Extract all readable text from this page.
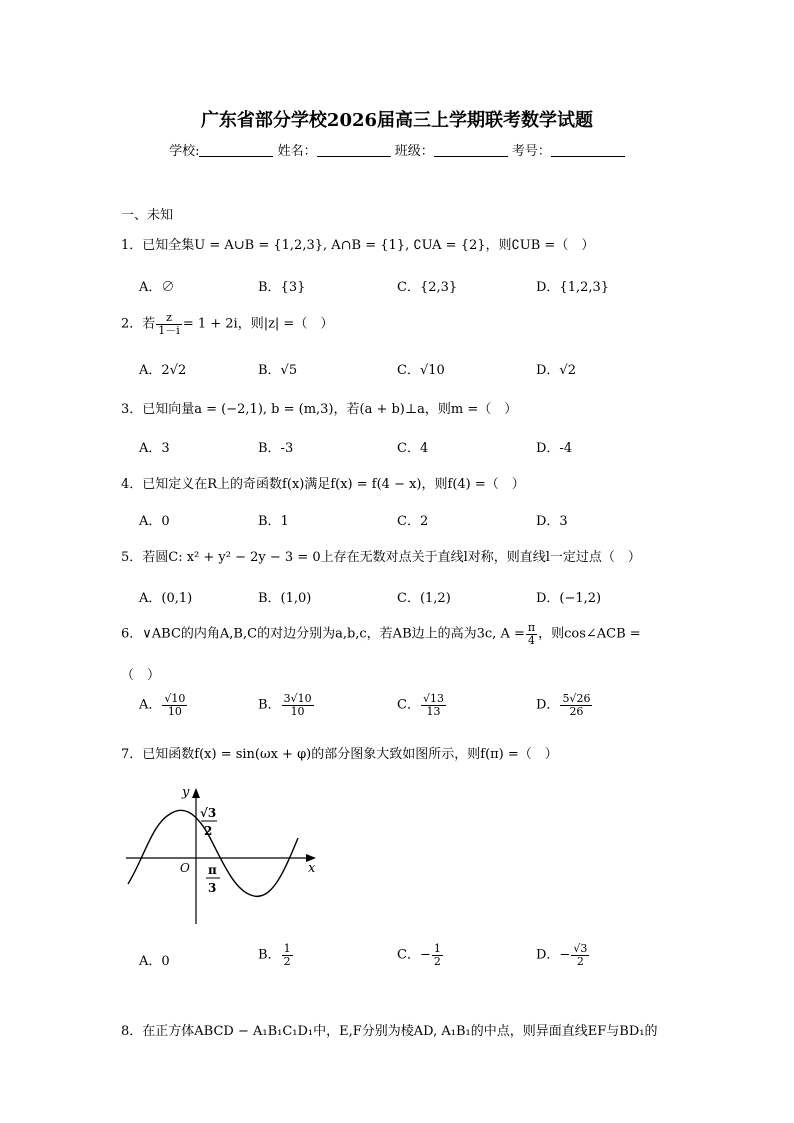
广东省部分学校2026届高三上学期联考数学试题
学校:	姓名：	班级：	考号：
一、未知
1．已知全集U = A∪B = {1,2,3}, A∩B = {1}, ∁UA = {2}，则∁UB =（　）
A．∅	B．{3}	C．{2,3}	D．{1,2,3}
2．若 $\frac{z}{1-i} = 1 + 2i$，则|z| =（　）
A．2√2	B．√5	C．√10	D．√2
3．已知向量a = (−2,1), b = (m,3)，若(a + b)⊥a，则m =（　）
A．3	B．-3	C．4	D．-4
4．已知定义在R上的奇函数f(x)满足f(x) = f(4 − x)，则f(4) =（　）
A．0	B．1	C．2	D．3
5．若圆C: x² + y² − 2y − 3 = 0上存在无数对点关于直线l对称，则直线l一定过点（　）
A．(0,1)	B．(1,0)	C．(1,2)	D．(−1,2)
6．∨ABC的内角A,B,C的对边分别为a,b,c，若AB边上的高为3c, $A = \frac{\pi}{4}$ ，则cos∠ACB =
（　）
A． $\frac{√10}{10}$	B． $\frac{3√10}{10}$	C． $\frac{√13}{13}$	D． $\frac{5√26}{26}$
7．已知函数f(x) = sin(ωx + φ)的部分图象大致如图所示，则f(π) =（　）
y
x
O
√3
2
π
3
A．0	B． $\frac{1}{2}$	C．− $\frac{1}{2}$	D．− $\frac{√3}{2}$
8．在正方体ABCD − A₁B₁C₁D₁中，E,F分别为棱AD, A₁B₁的中点，则异面直线EF与BD₁的
